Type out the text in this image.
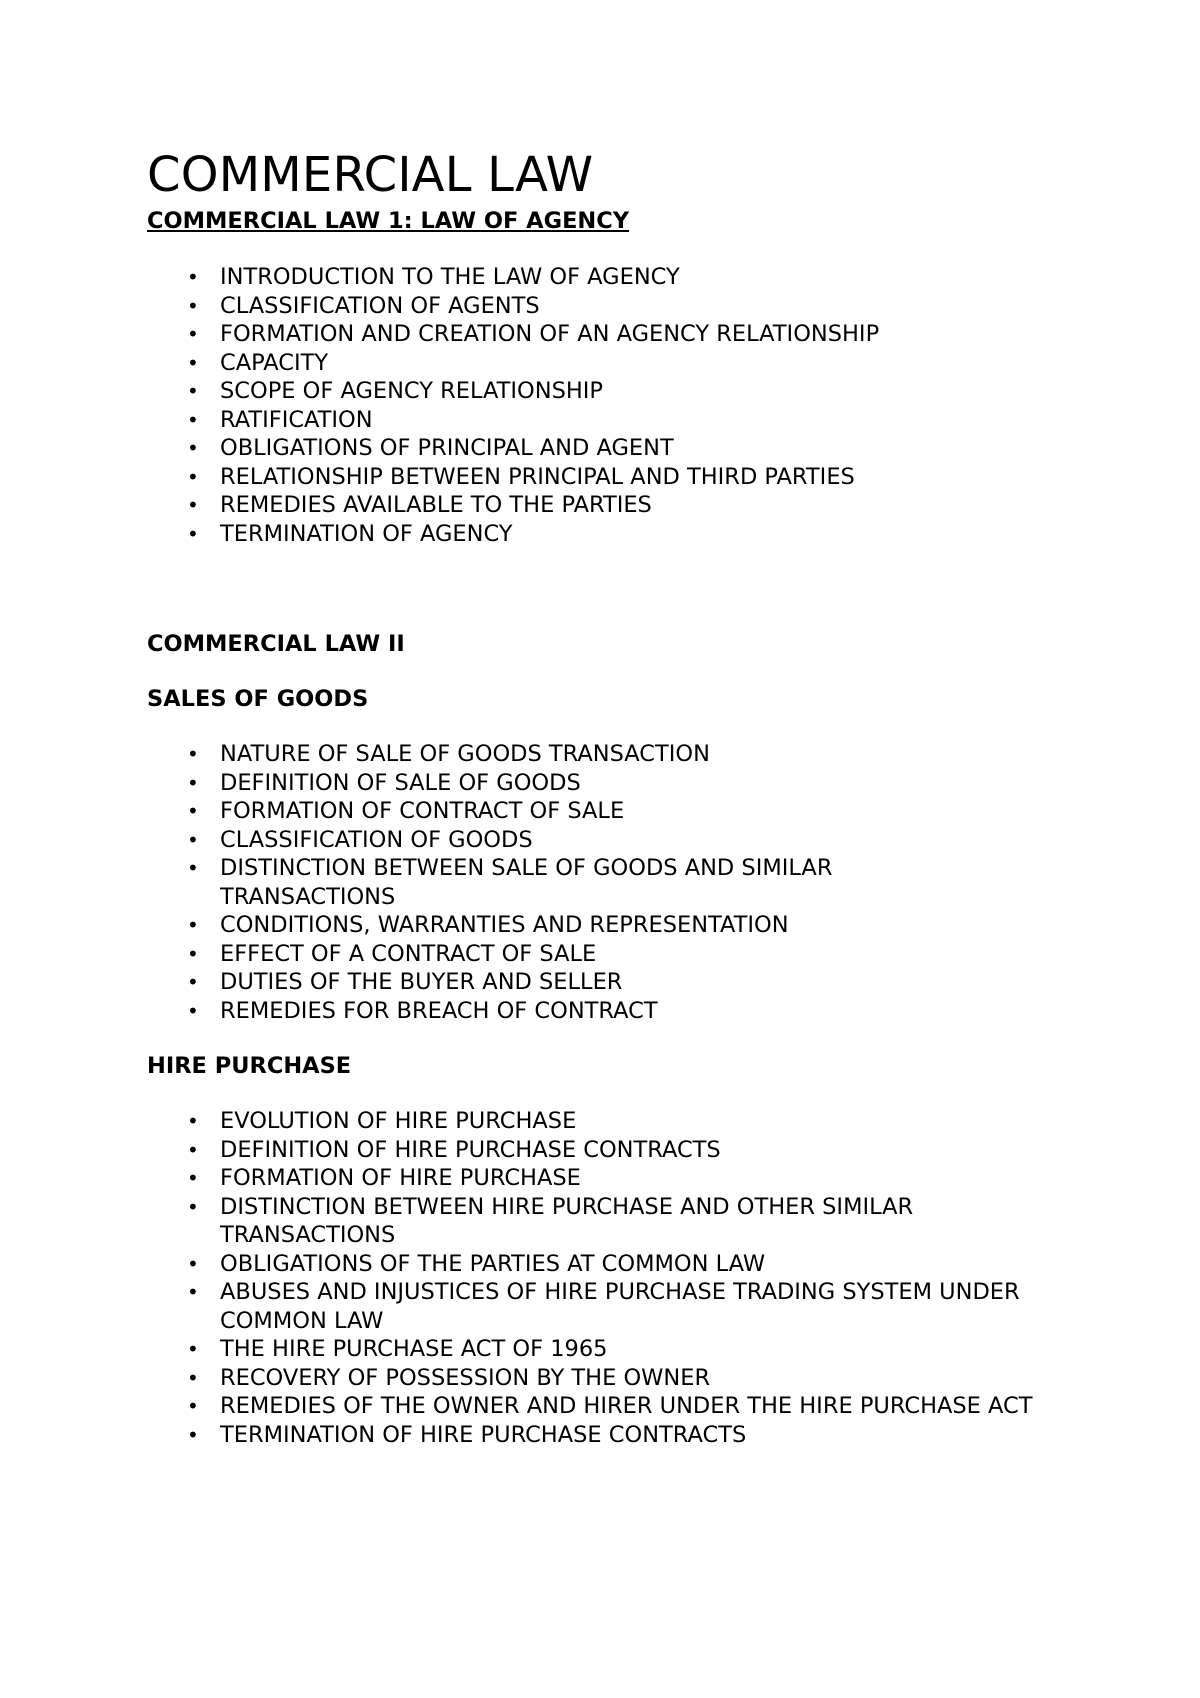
COMMERCIAL LAW
COMMERCIAL LAW 1: LAW OF AGENCY
• INTRODUCTION TO THE LAW OF AGENCY
• CLASSIFICATION OF AGENTS
• FORMATION AND CREATION OF AN AGENCY RELATIONSHIP
• CAPACITY
• SCOPE OF AGENCY RELATIONSHIP
• RATIFICATION
• OBLIGATIONS OF PRINCIPAL AND AGENT
• RELATIONSHIP BETWEEN PRINCIPAL AND THIRD PARTIES
• REMEDIES AVAILABLE TO THE PARTIES
• TERMINATION OF AGENCY
COMMERCIAL LAW II
SALES OF GOODS
• NATURE OF SALE OF GOODS TRANSACTION
• DEFINITION OF SALE OF GOODS
• FORMATION OF CONTRACT OF SALE
• CLASSIFICATION OF GOODS
• DISTINCTION BETWEEN SALE OF GOODS AND SIMILAR TRANSACTIONS
• CONDITIONS, WARRANTIES AND REPRESENTATION
• EFFECT OF A CONTRACT OF SALE
• DUTIES OF THE BUYER AND SELLER
• REMEDIES FOR BREACH OF CONTRACT
HIRE PURCHASE
• EVOLUTION OF HIRE PURCHASE
• DEFINITION OF HIRE PURCHASE CONTRACTS
• FORMATION OF HIRE PURCHASE
• DISTINCTION BETWEEN HIRE PURCHASE AND OTHER SIMILAR TRANSACTIONS
• OBLIGATIONS OF THE PARTIES AT COMMON LAW
• ABUSES AND INJUSTICES OF HIRE PURCHASE TRADING SYSTEM UNDER COMMON LAW
• THE HIRE PURCHASE ACT OF 1965
• RECOVERY OF POSSESSION BY THE OWNER
• REMEDIES OF THE OWNER AND HIRER UNDER THE HIRE PURCHASE ACT
• TERMINATION OF HIRE PURCHASE CONTRACTS
